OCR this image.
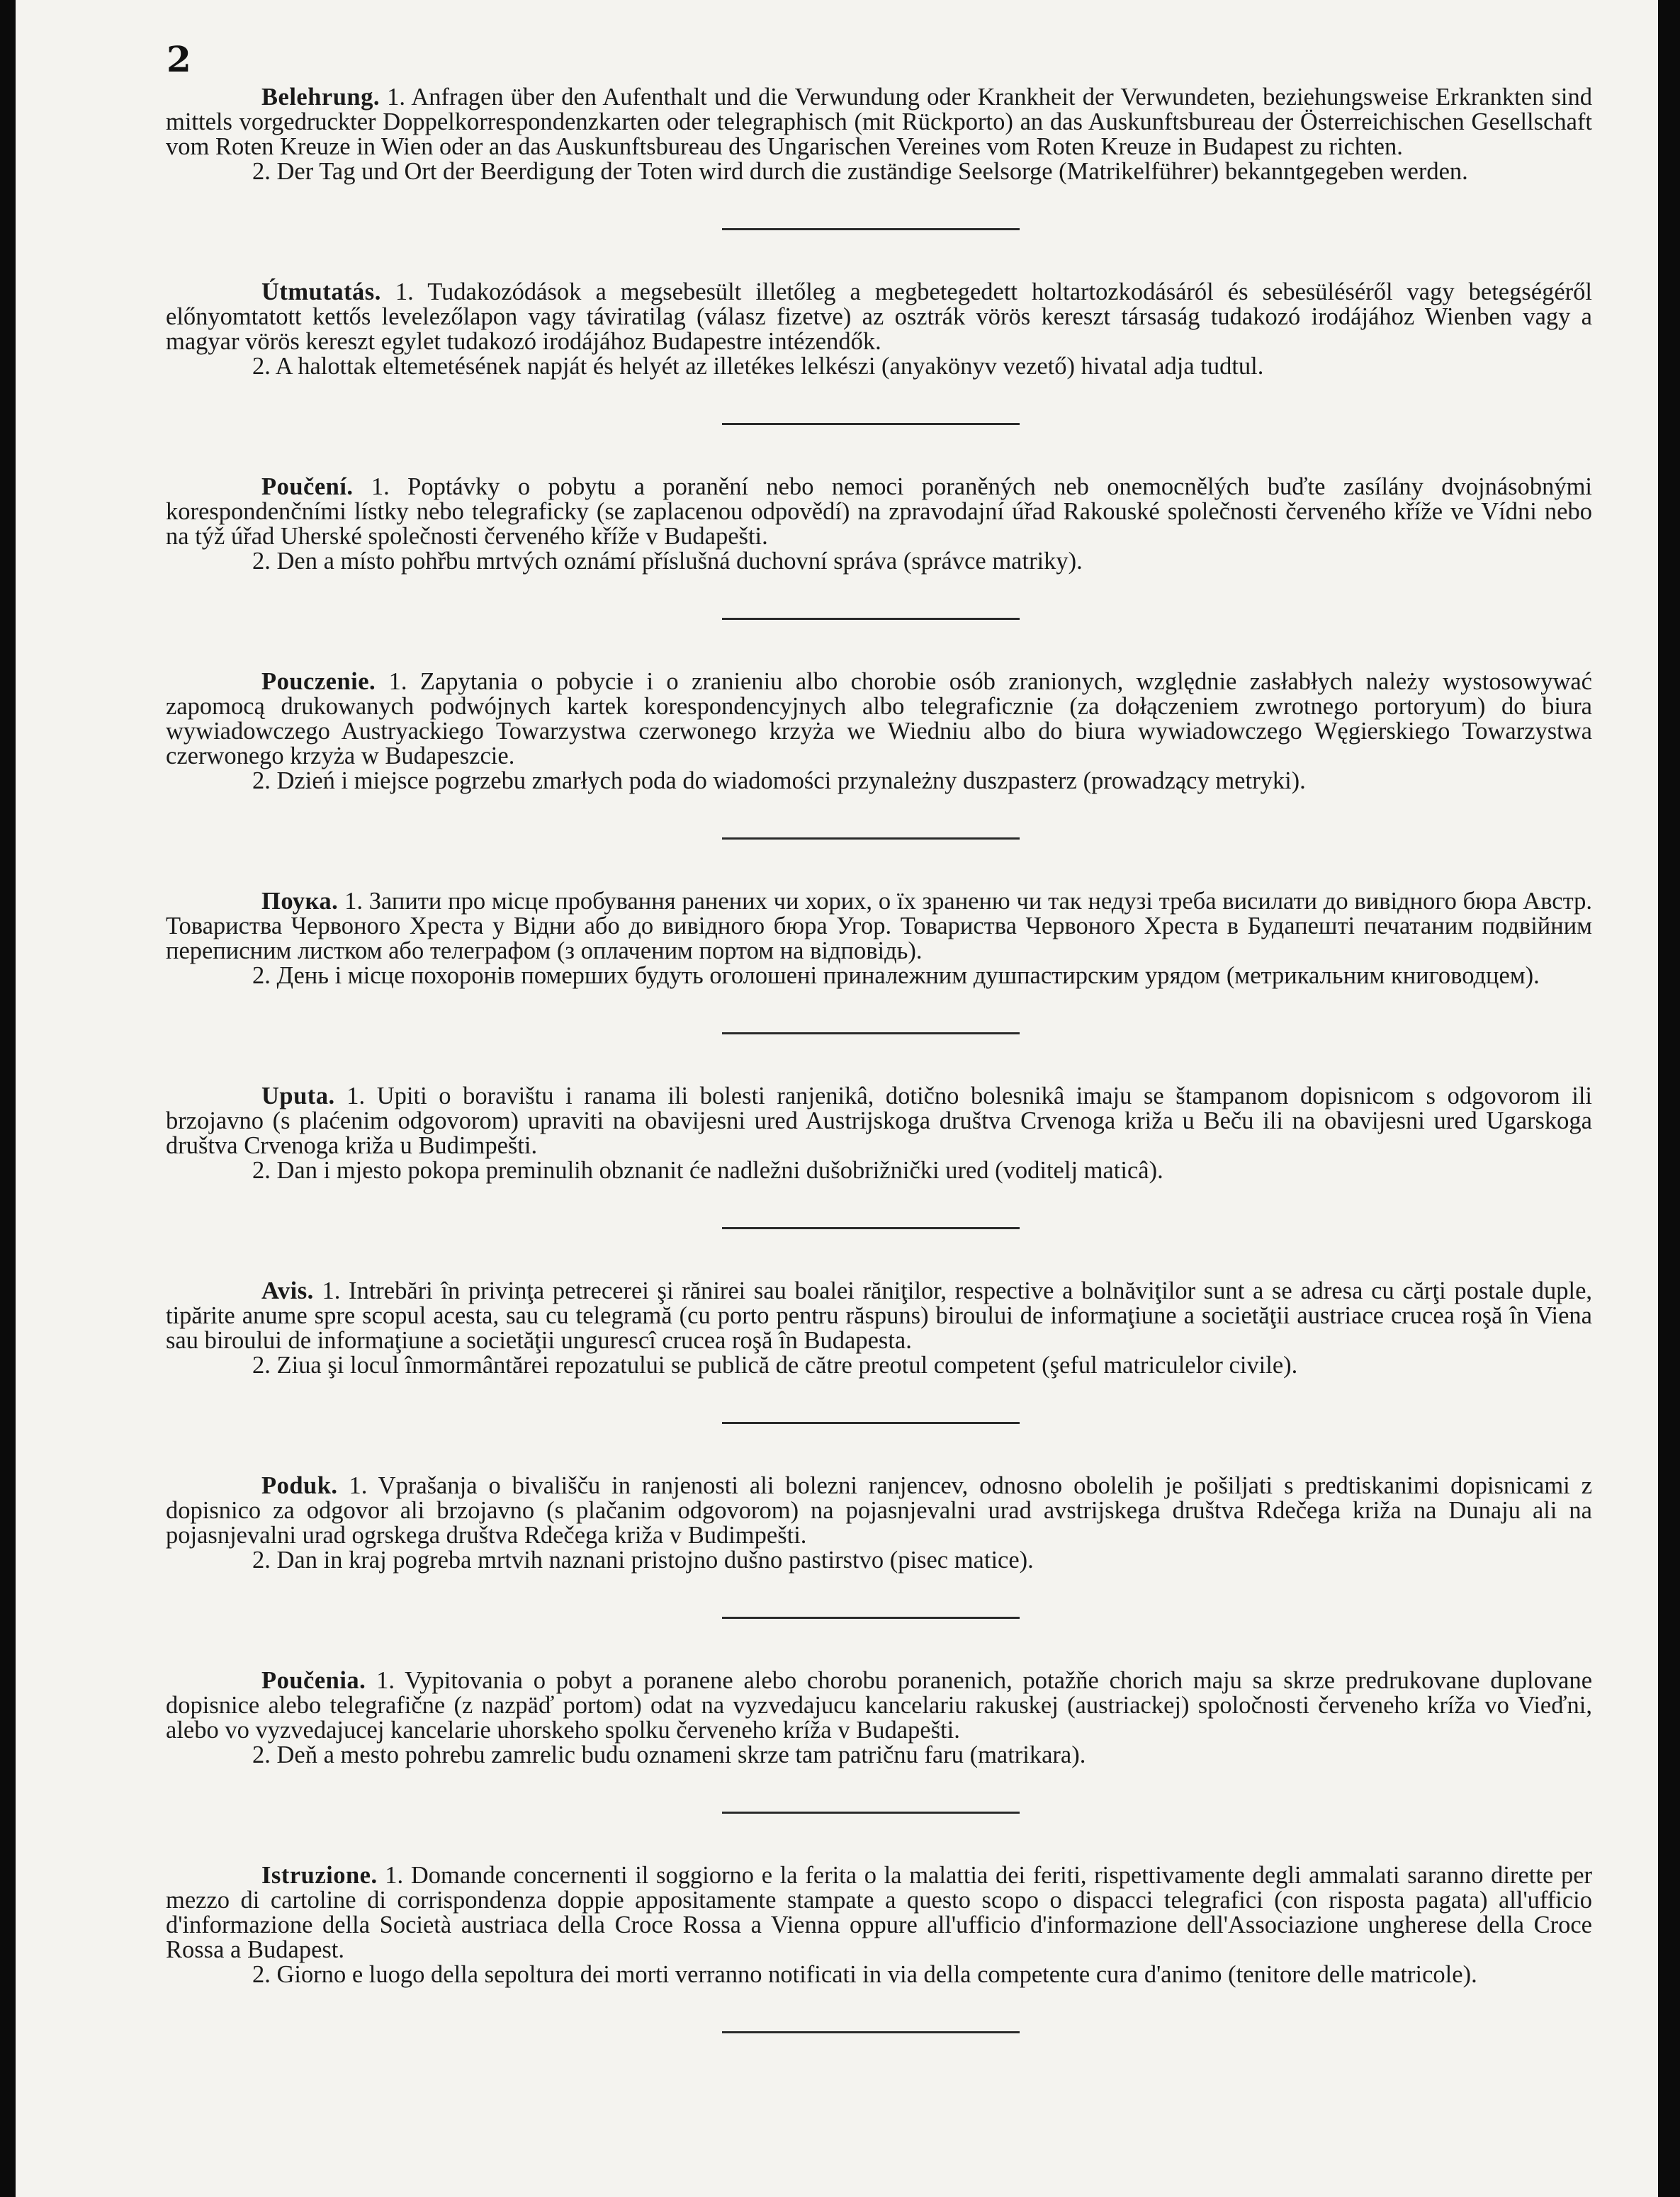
2

Belehrung. 1. Anfragen über den Aufenthalt und die Verwundung oder Krankheit der Verwundeten, beziehungsweise Erkrankten sind mittels vorgedruckter Doppelkorrespondenzkarten oder telegraphisch (mit Rückporto) an das Auskunftsbureau der Österreichischen Gesellschaft vom Roten Kreuze in Wien oder an das Auskunftsbureau des Ungarischen Vereines vom Roten Kreuze in Budapest zu richten.

2. Der Tag und Ort der Beerdigung der Toten wird durch die zuständige Seelsorge (Matrikelführer) bekanntgegeben werden.

Útmutatás. 1. Tudakozódások a megsebesült illetőleg a megbetegedett holtartozkodásáról és sebesüléséről vagy betegségéről előnyomtatott kettős levelezőlapon vagy táviratilag (válasz fizetve) az osztrák vörös kereszt társaság tudakozó irodájához Wienben vagy a magyar vörös kereszt egylet tudakozó irodájához Budapestre intézendők.

2. A halottak eltemetésének napját és helyét az illetékes lelkészi (anyakönyv vezető) hivatal adja tudtul.

Poučení. 1. Poptávky o pobytu a poranění nebo nemoci poraněných neb onemocnělých buďte zasílány dvojnásobnými korespondenčními lístky nebo telegraficky (se zaplacenou odpovědí) na zpravodajní úřad Rakouské společnosti červeného kříže ve Vídni nebo na týž úřad Uherské společnosti červeného kříže v Budapešti.

2. Den a místo pohřbu mrtvých oznámí příslušná duchovní správa (správce matriky).

Pouczenie. 1. Zapytania o pobycie i o zranieniu albo chorobie osób zranionych, względnie zasłabłych należy wystosowywać zapomocą drukowanych podwójnych kartek korespondencyjnych albo telegraficznie (za dołączeniem zwrotnego portoryum) do biura wywiadowczego Austryackiego Towarzystwa czerwonego krzyża we Wiedniu albo do biura wywiadowczego Węgierskiego Towarzystwa czerwonego krzyża w Budapeszcie.

2. Dzień i miejsce pogrzebu zmarłych poda do wiadomości przynależny duszpasterz (prowadzący metryki).

Поука. 1. Запити про місце пробування ранених чи хорих, о їх зраненю чи так недузі треба висилати до вивідного бюра Австр. Товариства Червоного Хреста у Відни або до вивідного бюра Угор. Товариства Червоного Хреста в Будапешті печатаним подвійним переписним листком або телеграфом (з оплаченим портом на відповідь).

2. День і місце похоронів померших будуть оголошені приналежним душпастирским урядом (метрикальним книговодцем).

Uputa. 1. Upiti o boravištu i ranama ili bolesti ranjenikâ, dotično bolesnikâ imaju se štampanom dopisnicom s odgovorom ili brzojavno (s plaćenim odgovorom) upraviti na obavijesni ured Austrijskoga društva Crvenoga križa u Beču ili na obavijesni ured Ugarskoga društva Crvenoga križa u Budimpešti.

2. Dan i mjesto pokopa preminulih obznanit će nadležni dušobrižnički ured (voditelj maticâ).

Avis. 1. Intrebări în privinţa petrecerei şi rănirei sau boalei răniţilor, respective a bolnăviţilor sunt a se adresa cu cărţi postale duple, tipărite anume spre scopul acesta, sau cu telegramă (cu porto pentru răspuns) biroului de informaţiune a societăţii austriace crucea roşă în Viena sau biroului de informaţiune a societăţii ungurescî crucea roşă în Budapesta.

2. Ziua şi locul înmormântărei repozatului se publică de către preotul competent (şeful matriculelor civile).

Poduk. 1. Vprašanja o bivališču in ranjenosti ali bolezni ranjencev, odnosno obolelih je pošiljati s predtiskanimi dopisnicami z dopisnico za odgovor ali brzojavno (s plačanim odgovorom) na pojasnjevalni urad avstrijskega društva Rdečega križa na Dunaju ali na pojasnjevalni urad ogrskega društva Rdečega križa v Budimpešti.

2. Dan in kraj pogreba mrtvih naznani pristojno dušno pastirstvo (pisec matice).

Poučenia. 1. Vypitovania o pobyt a poranene alebo chorobu poranenich, potažňe chorich maju sa skrze predrukovane duplovane dopisnice alebo telegrafične (z nazpäď portom) odat na vyzvedajucu kancelariu rakuskej (austriackej) spoločnosti červeneho kríža vo Vieďni, alebo vo vyzvedajucej kancelarie uhorskeho spolku červeneho kríža v Budapešti.

2. Deň a mesto pohrebu zamrelic budu oznameni skrze tam patričnu faru (matrikara).

Istruzione. 1. Domande concernenti il soggiorno e la ferita o la malattia dei feriti, rispettivamente degli ammalati saranno dirette per mezzo di cartoline di corrispondenza doppie appositamente stampate a questo scopo o dispacci telegrafici (con risposta pagata) all'ufficio d'informazione della Società austriaca della Croce Rossa a Vienna oppure all'ufficio d'informazione dell'Associazione ungherese della Croce Rossa a Budapest.

2. Giorno e luogo della sepoltura dei morti verranno notificati in via della competente cura d'animo (tenitore delle matricole).
